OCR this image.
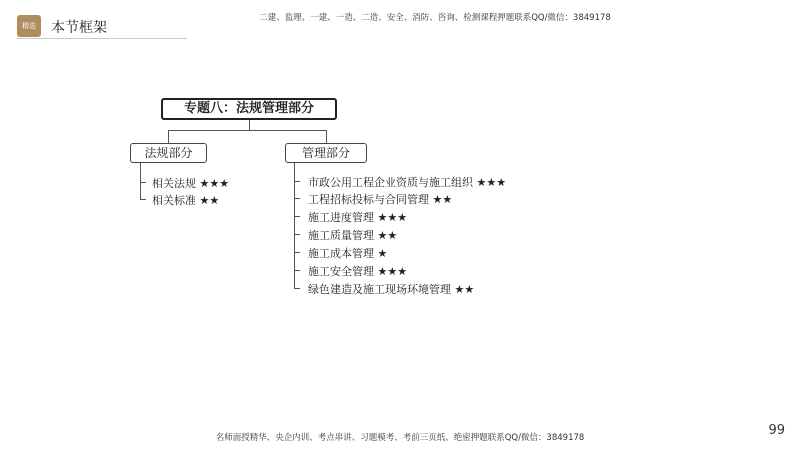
精选	本节框架
二建、监理、一建、一造、二造、安全、消防、咨询、检测课程押题联系QQ/微信：3849178
专题八：法规管理部分
法规部分	管理部分
相关法规 ★★★
相关标准 ★★
市政公用工程企业资质与施工组织 ★★★
工程招标投标与合同管理 ★★
施工进度管理 ★★★
施工质量管理 ★★
施工成本管理 ★
施工安全管理 ★★★
绿色建造及施工现场环境管理 ★★
名师面授精华、央企内训、考点串讲、习题模考、考前三页纸、绝密押题联系QQ/微信：3849178	99
